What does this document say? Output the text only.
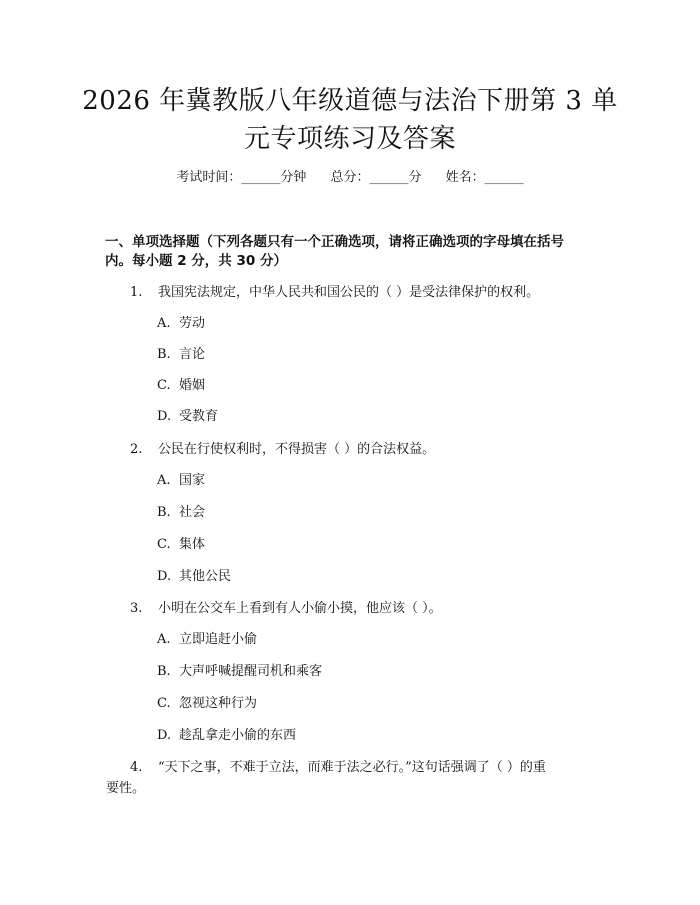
2026 年冀教版八年级道德与法治下册第 3 单
元专项练习及答案
考试时间：______分钟 总分：______分 姓名：______
一、单项选择题（下列各题只有一个正确选项，请将正确选项的字母填在括号
内。每小题 2 分，共 30 分）
1. 我国宪法规定，中华人民共和国公民的（ ）是受法律保护的权利。
A. 劳动
B. 言论
C. 婚姻
D. 受教育
2. 公民在行使权利时，不得损害（ ）的合法权益。
A. 国家
B. 社会
C. 集体
D. 其他公民
3. 小明在公交车上看到有人小偷小摸，他应该（ ）。
A. 立即追赶小偷
B. 大声呼喊提醒司机和乘客
C. 忽视这种行为
D. 趁乱拿走小偷的东西
4. “天下之事，不难于立法，而难于法之必行。”这句话强调了（ ）的重
要性。
